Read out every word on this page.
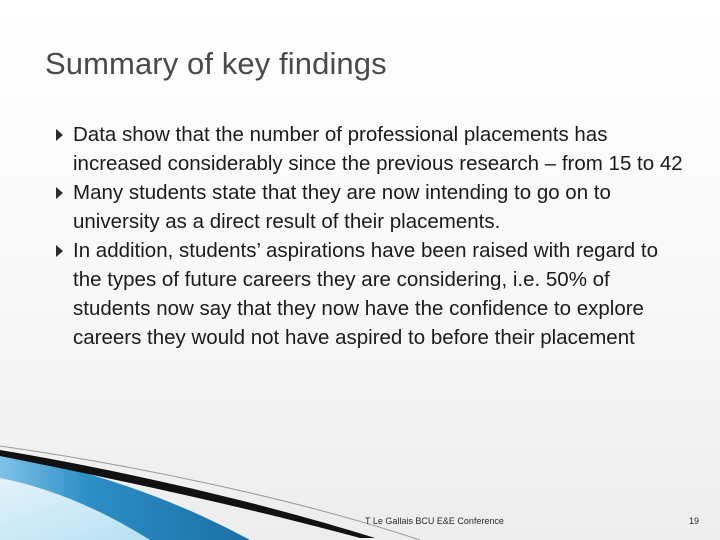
Summary of key findings
Data show that the number of professional placements has increased considerably since the previous research – from 15 to 42
Many students state that they are now intending to go on to university as a direct result of their placements.
In addition, students’ aspirations have been raised with regard to the types of future careers they are considering, i.e. 50% of students now say that they now have the confidence to explore careers they would not have aspired to before their placement
T Le Gallais BCU E&E Conference	19
